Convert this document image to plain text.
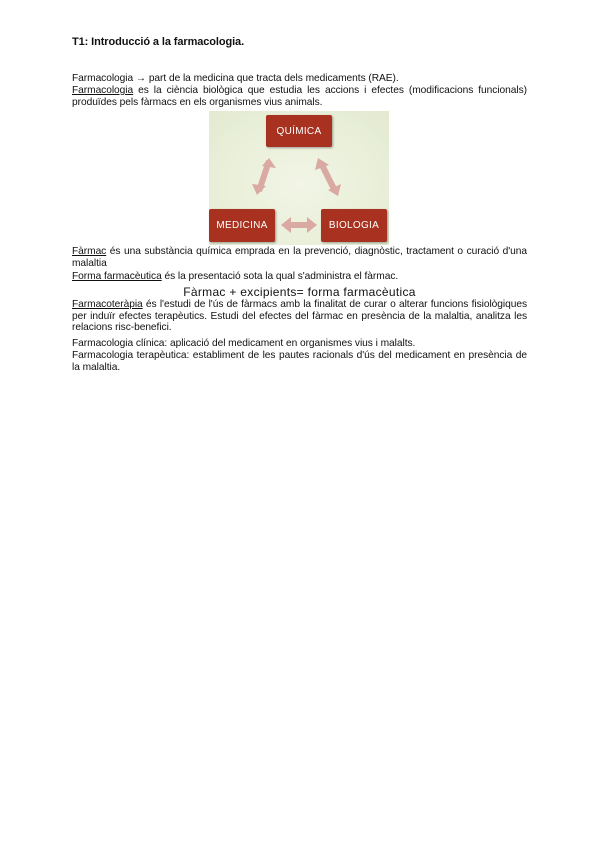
T1: Introducció a la farmacologia.
Farmacologia → part de la medicina que tracta dels medicaments (RAE).
Farmacologia es la ciència biològica que estudia les accions i efectes (modificacions funcionals) produïdes pels fàrmacs en els organismes vius animals.
QUÍMICA
MEDICINA	BIOLOGIA
Fàrmac és una substància química emprada en la prevenció, diagnòstic, tractament o curació d'una malaltia
Forma farmacèutica és la presentació sota la qual s'administra el fàrmac.
Fàrmac + excipients= forma farmacèutica
Farmacoteràpia és l'estudi de l'ús de fàrmacs amb la finalitat de curar o alterar funcions fisiològiques per induïr efectes terapèutics. Estudi del efectes del fàrmac en presència de la malaltia, analitza les relacions risc-benefici.
Farmacologia clínica: aplicació del medicament en organismes vius i malalts.
Farmacologia terapèutica: establiment de les pautes racionals d'ús del medicament en presència de la malaltia.
